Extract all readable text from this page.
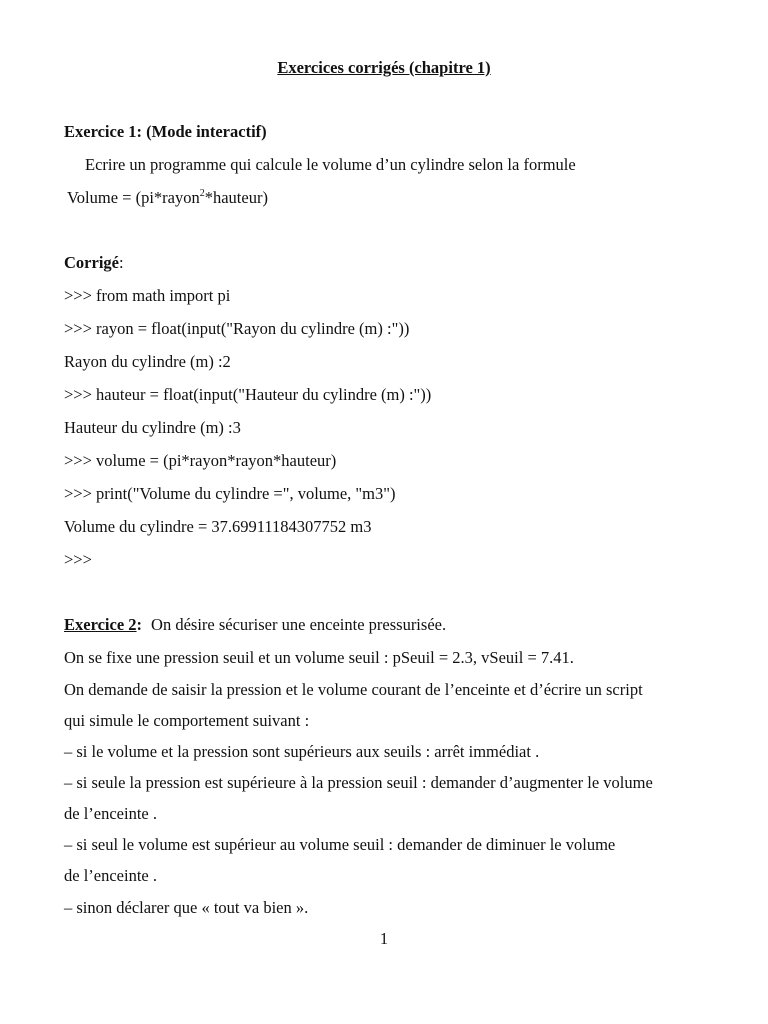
Exercices corrigés (chapitre 1)
Exercice 1: (Mode interactif)
Ecrire un programme qui calcule le volume d’un cylindre selon la formule
Volume = (pi*rayon$^2$*hauteur)
Corrigé:
>>> from math import pi
>>> rayon = float(input("Rayon du cylindre (m) :"))
Rayon du cylindre (m) :2
>>> hauteur = float(input("Hauteur du cylindre (m) :"))
Hauteur du cylindre (m) :3
>>> volume = (pi*rayon*rayon*hauteur)
>>> print("Volume du cylindre =", volume, "m3")
Volume du cylindre = 37.69911184307752 m3
>>>
Exercice 2: On désire sécuriser une enceinte pressurisée.
On se fixe une pression seuil et un volume seuil : pSeuil = 2.3, vSeuil = 7.41.
On demande de saisir la pression et le volume courant de l’enceinte et d’écrire un script
qui simule le comportement suivant :
– si le volume et la pression sont supérieurs aux seuils : arrêt immédiat .
– si seule la pression est supérieure à la pression seuil : demander d’augmenter le volume
de l’enceinte .
– si seul le volume est supérieur au volume seuil : demander de diminuer le volume
de l’enceinte .
– sinon déclarer que « tout va bien ».
1
